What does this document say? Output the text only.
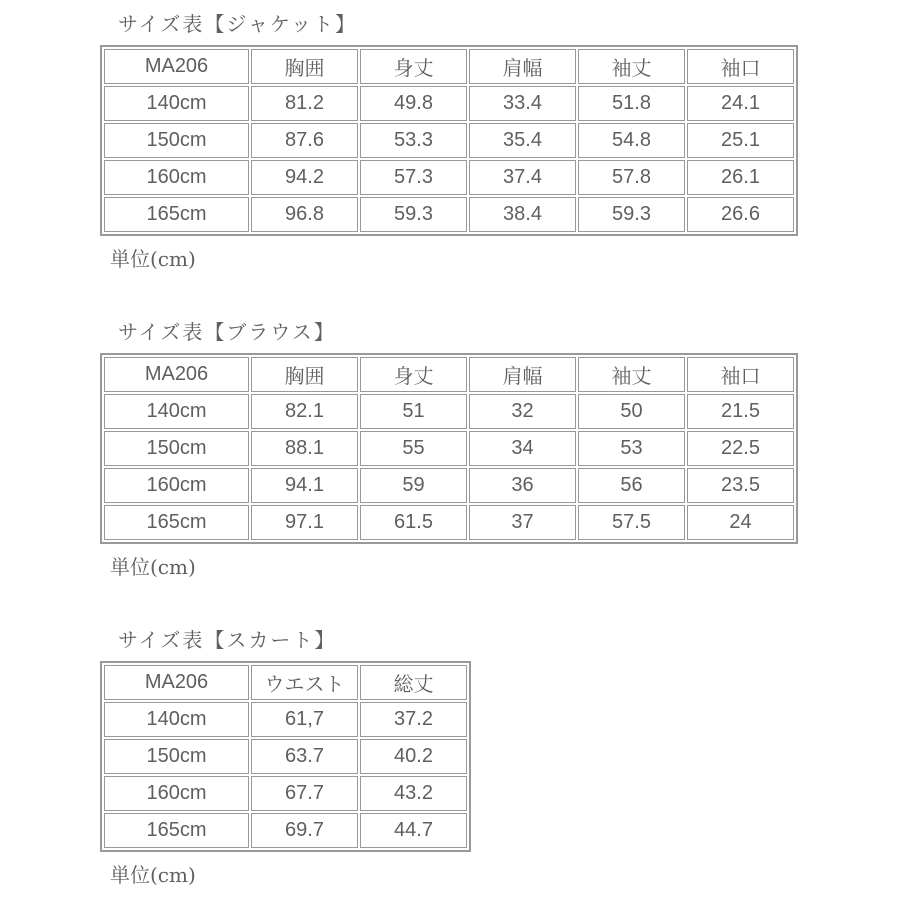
サイズ表【ジャケット】
MA206	胸囲	身丈	肩幅	袖丈	袖口
140cm	81.2	49.8	33.4	51.8	24.1
150cm	87.6	53.3	35.4	54.8	25.1
160cm	94.2	57.3	37.4	57.8	26.1
165cm	96.8	59.3	38.4	59.3	26.6
単位(cm)
サイズ表【ブラウス】
MA206	胸囲	身丈	肩幅	袖丈	袖口
140cm	82.1	51	32	50	21.5
150cm	88.1	55	34	53	22.5
160cm	94.1	59	36	56	23.5
165cm	97.1	61.5	37	57.5	24
単位(cm)
サイズ表【スカート】
MA206	ウエスト	総丈
140cm	61,7	37.2
150cm	63.7	40.2
160cm	67.7	43.2
165cm	69.7	44.7
単位(cm)
